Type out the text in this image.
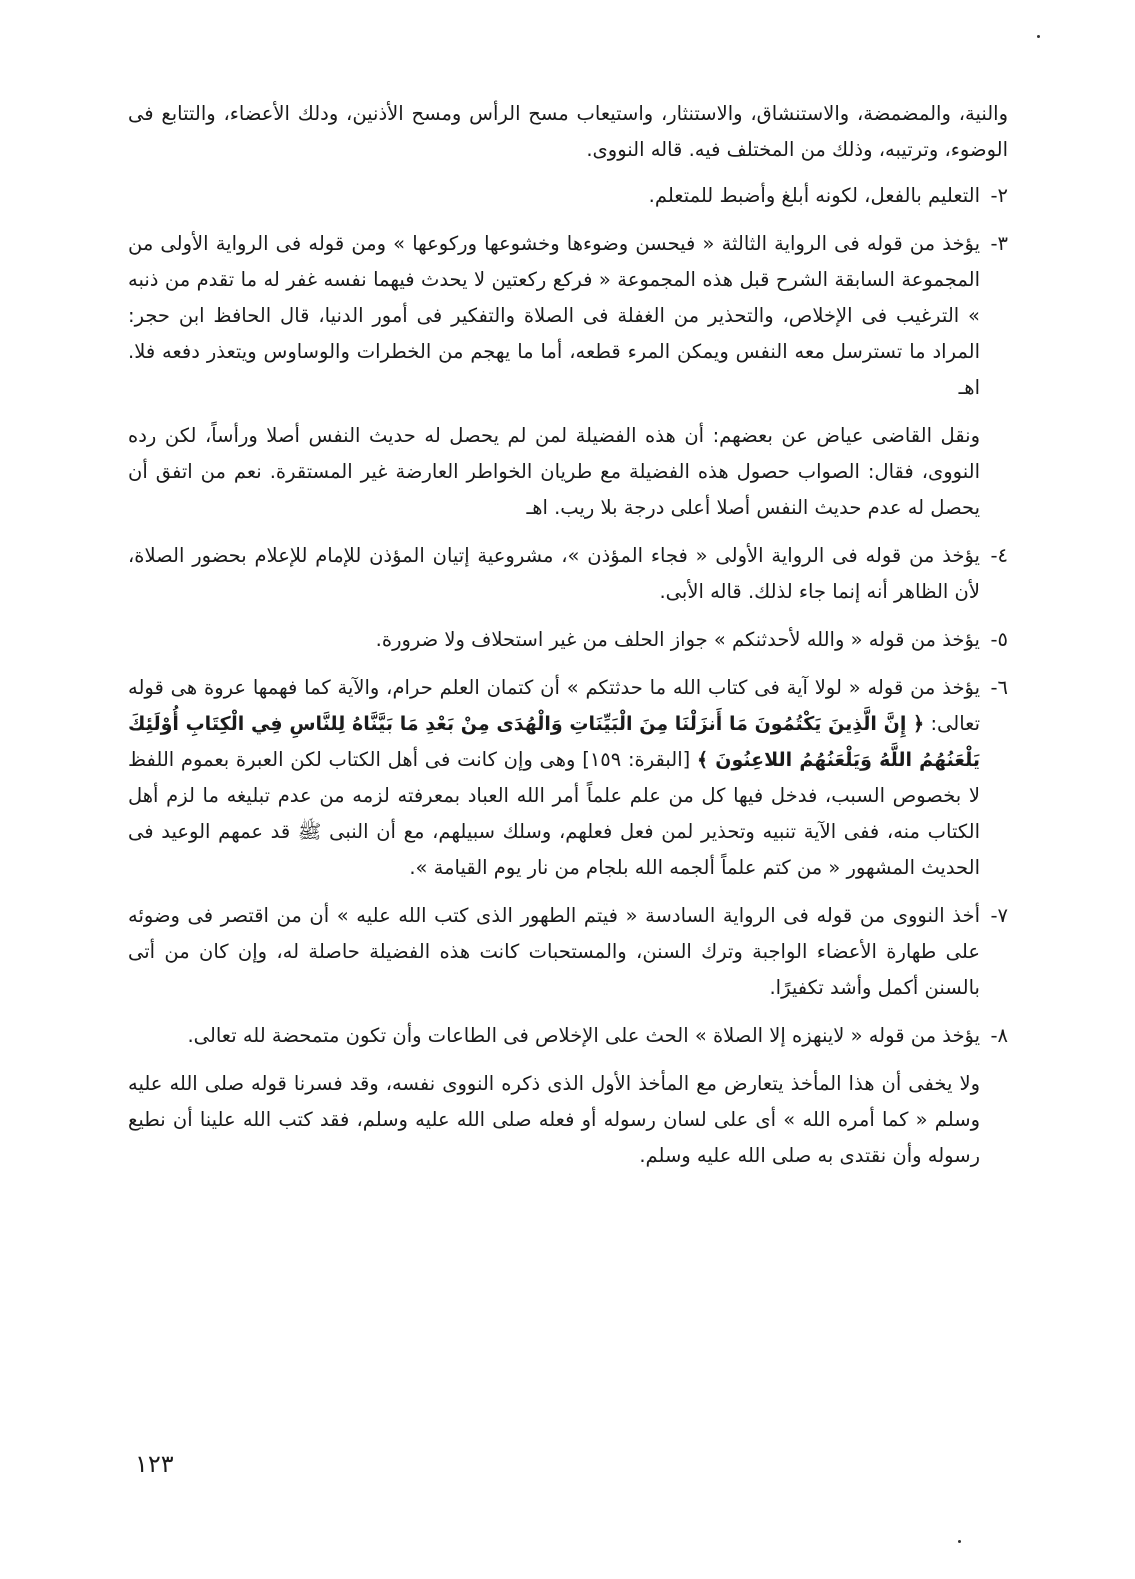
والنية، والمضمضة، والاستنشاق، والاستنثار، واستيعاب مسح الرأس ومسح الأذنين، ودلك الأعضاء، والتتابع فى الوضوء، وترتيبه، وذلك من المختلف فيه. قاله النووى.

٢-
التعليم بالفعل، لكونه أبلغ وأضبط للمتعلم.
٣-
يؤخذ من قوله فى الرواية الثالثة « فيحسن وضوءها وخشوعها وركوعها » ومن قوله فى الرواية الأولى من المجموعة السابقة الشرح قبل هذه المجموعة « فركع ركعتين لا يحدث فيهما نفسه غفر له ما تقدم من ذنبه » الترغيب فى الإخلاص، والتحذير من الغفلة فى الصلاة والتفكير فى أمور الدنيا، قال الحافظ ابن حجر: المراد ما تسترسل معه النفس ويمكن المرء قطعه، أما ما يهجم من الخطرات والوساوس ويتعذر دفعه فلا. اهـ

ونقل القاضى عياض عن بعضهم: أن هذه الفضيلة لمن لم يحصل له حديث النفس أصلا ورأساً، لكن رده النووى، فقال: الصواب حصول هذه الفضيلة مع طريان الخواطر العارضة غير المستقرة. نعم من اتفق أن يحصل له عدم حديث النفس أصلا أعلى درجة بلا ريب. اهـ

٤-
يؤخذ من قوله فى الرواية الأولى « فجاء المؤذن »، مشروعية إتيان المؤذن للإمام للإعلام بحضور الصلاة، لأن الظاهر أنه إنما جاء لذلك. قاله الأبى.
٥-
يؤخذ من قوله « والله لأحدثنكم » جواز الحلف من غير استحلاف ولا ضرورة.
٦-
يؤخذ من قوله « لولا آية فى كتاب الله ما حدثتكم » أن كتمان العلم حرام، والآية كما فهمها عروة هى قوله تعالى: ﴿ إِنَّ الَّذِينَ يَكْتُمُونَ مَا أَنزَلْنَا مِنَ الْبَيِّنَاتِ وَالْهُدَى مِنْ بَعْدِ مَا بَيَّنَّاهُ لِلنَّاسِ فِي الْكِتَابِ أُوْلَئِكَ يَلْعَنُهُمُ اللَّهُ وَيَلْعَنُهُمُ اللاعِنُونَ ﴾ [البقرة: ١٥٩] وهى وإن كانت فى أهل الكتاب لكن العبرة بعموم اللفظ لا بخصوص السبب، فدخل فيها كل من علم علماً أمر الله العباد بمعرفته لزمه من عدم تبليغه ما لزم أهل الكتاب منه، ففى الآية تنبيه وتحذير لمن فعل فعلهم، وسلك سبيلهم، مع أن النبى ﷺ قد عمهم الوعيد فى الحديث المشهور « من كتم علماً ألجمه الله بلجام من نار يوم القيامة ».
٧-
أخذ النووى من قوله فى الرواية السادسة « فيتم الطهور الذى كتب الله عليه » أن من اقتصر فى وضوئه على طهارة الأعضاء الواجبة وترك السنن، والمستحبات كانت هذه الفضيلة حاصلة له، وإن كان من أتى بالسنن أكمل وأشد تكفيرًا.
٨-
يؤخذ من قوله « لاينهزه إلا الصلاة » الحث على الإخلاص فى الطاعات وأن تكون متمحضة لله تعالى.

ولا يخفى أن هذا المأخذ يتعارض مع المأخذ الأول الذى ذكره النووى نفسه، وقد فسرنا قوله صلى الله عليه وسلم « كما أمره الله » أى على لسان رسوله أو فعله صلى الله عليه وسلم، فقد كتب الله علينا أن نطيع رسوله وأن نقتدى به صلى الله عليه وسلم.

١٢٣
